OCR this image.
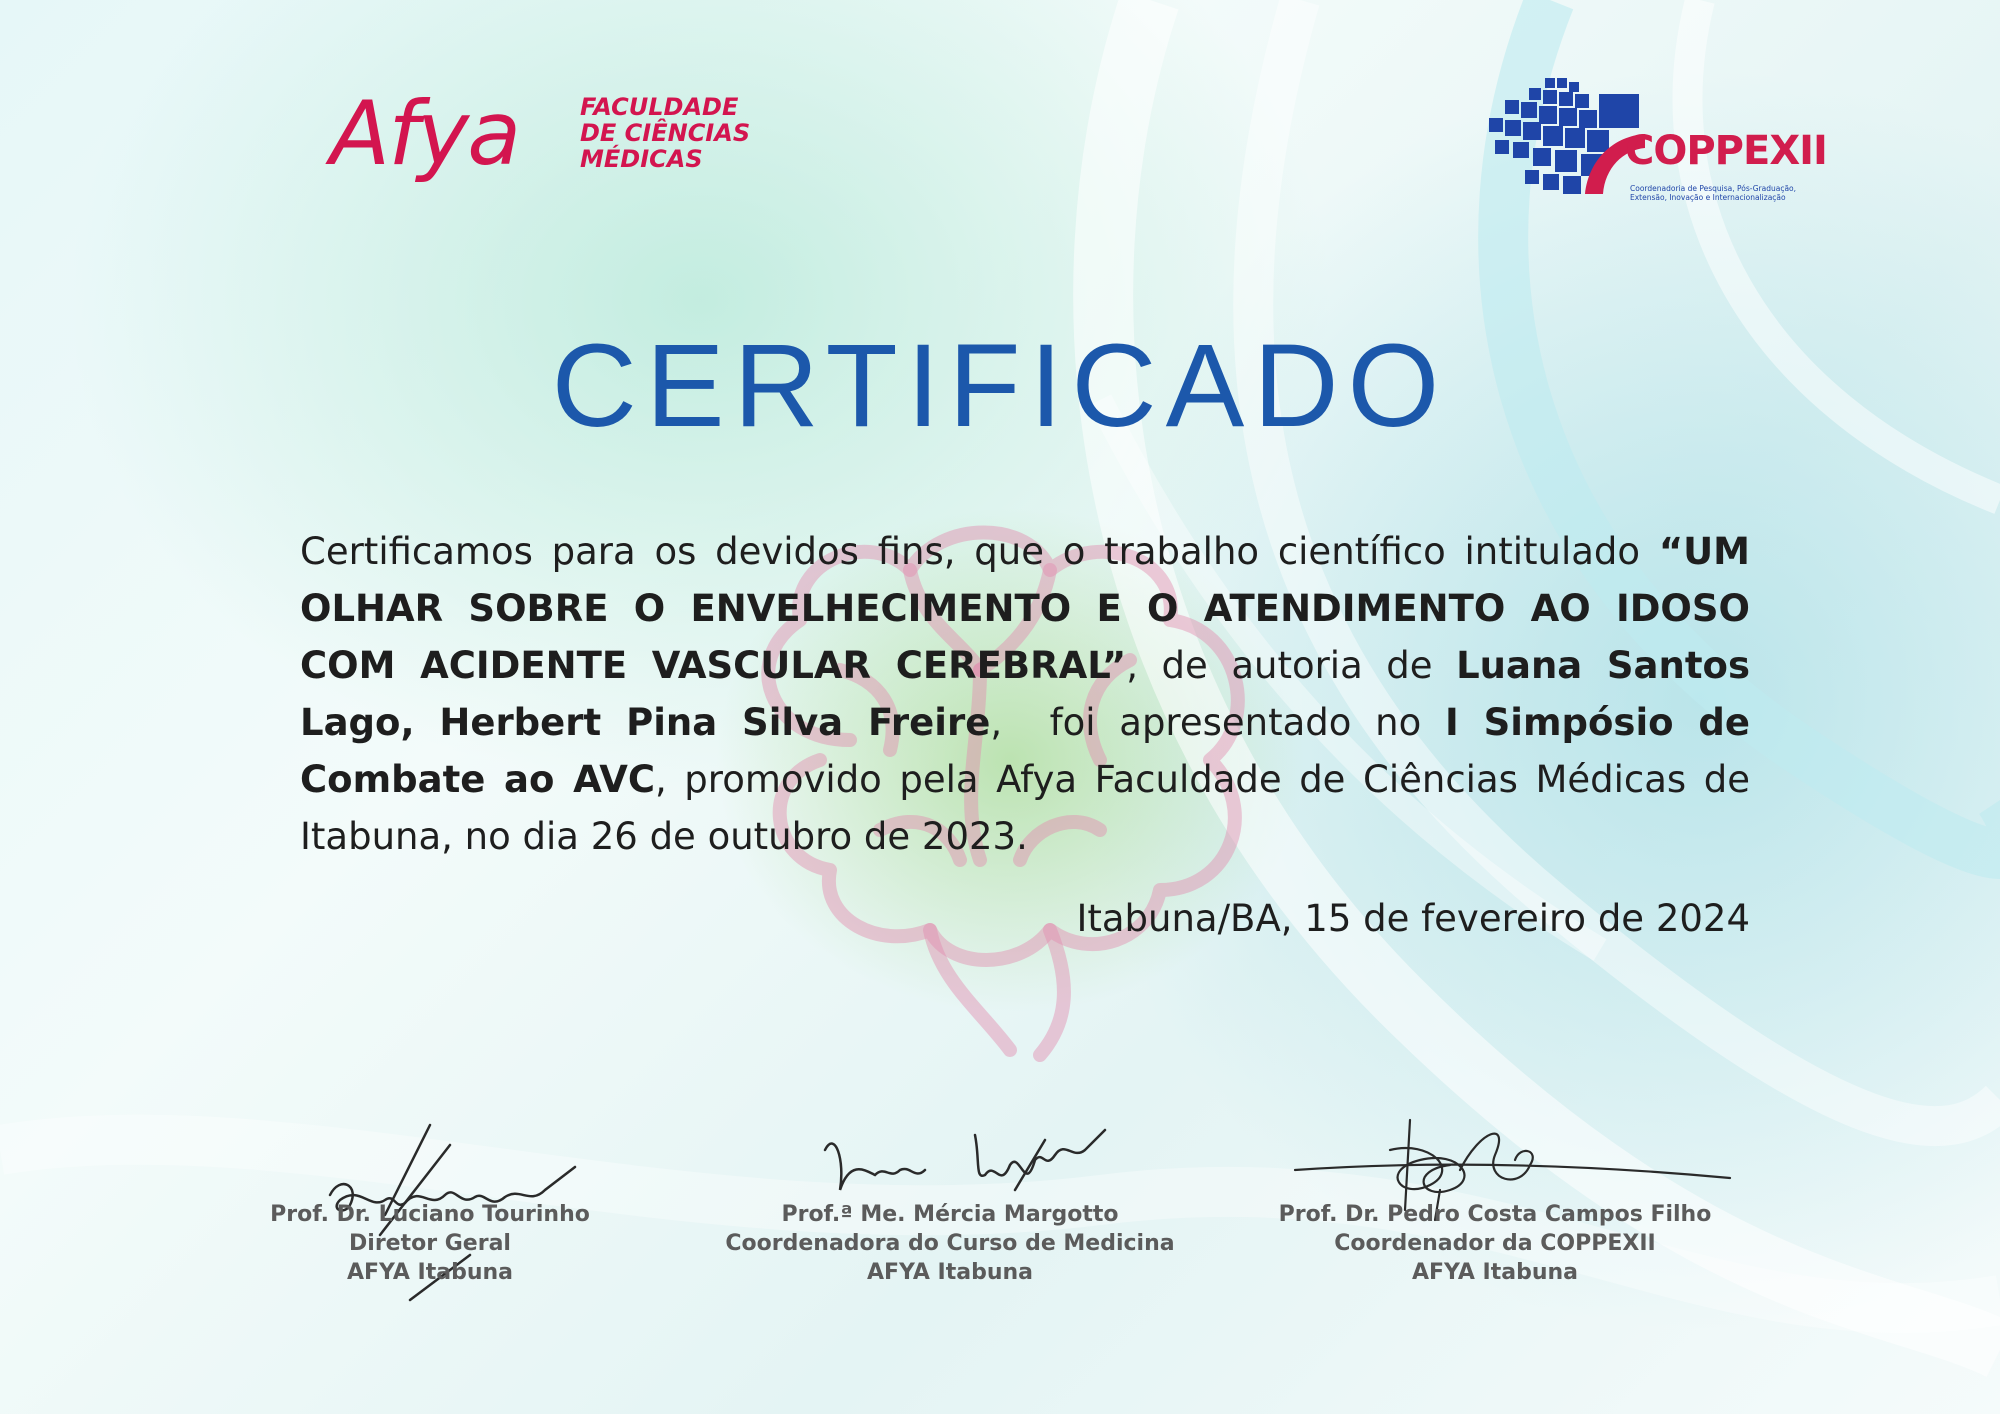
Afya	FACULDADE
DE CIÊNCIAS
MÉDICAS	COPPEXII
Coordenadoria de Pesquisa, Pós-Graduação, Extensão, Inovação e Internacionalização
CERTIFICADO
Certificamos para os devidos fins, que o trabalho científico intitulado “UM OLHAR SOBRE O ENVELHECIMENTO E O ATENDIMENTO AO IDOSO COM ACIDENTE VASCULAR CEREBRAL”, de autoria de Luana Santos Lago, Herbert Pina Silva Freire,  foi apresentado no I Simpósio de Combate ao AVC, promovido pela Afya Faculdade de Ciências Médicas de Itabuna, no dia 26 de outubro de 2023.
Itabuna/BA, 15 de fevereiro de 2024
Prof. Dr. Luciano Tourinho
Diretor Geral
AFYA Itabuna
Prof.ª Me. Mércia Margotto
Coordenadora do Curso de Medicina
AFYA Itabuna
Prof. Dr. Pedro Costa Campos Filho
Coordenador da COPPEXII
AFYA Itabuna
